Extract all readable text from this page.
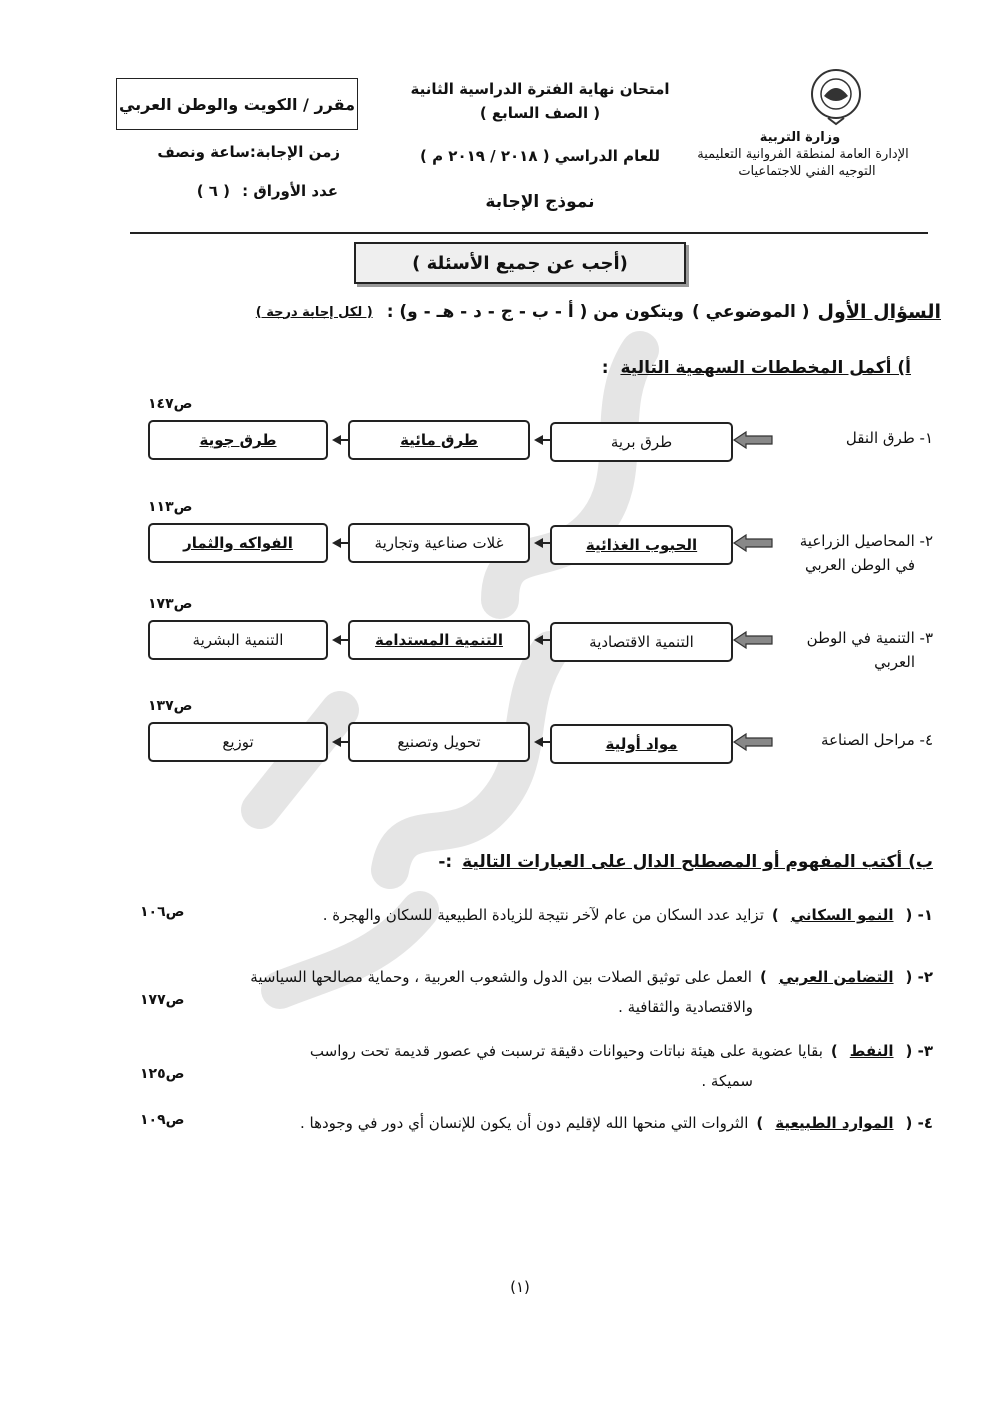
وزارة التربية
الإدارة العامة لمنطقة الفروانية التعليمية
التوجيه الفني للاجتماعيات
امتحان نهاية الفترة الدراسية الثانية
( الصف السابع )
للعام الدراسي ( ٢٠١٨ / ٢٠١٩ م )
نموذج الإجابة
مقرر / الكويت والوطن العربي
زمن الإجابة:ساعة ونصف
عدد الأوراق :
( ٦ )
(أجب عن جميع الأسئلة )
السؤال الأول
( الموضوعي )
ويتكون من ( أ - ب - ج - د - هـ - و) :
( لكل إجابة درجة )
أ) أكمل المخططات السهمية التالية :
١- طرق النقل
طرق برية
طرق مائية
طرق جوية
ص١٤٧
٢- المحاصيل الزراعية
في الوطن العربي
الحبوب الغذائية
غلات صناعية وتجارية
الفواكه والثمار
ص١١٣
٣- التنمية في الوطن
العربي
التنمية الاقتصادية
التنمية المستدامة
التنمية البشرية
ص١٧٣
٤- مراحل الصناعة
مواد أولية
تحويل وتصنيع
توزيع
ص١٣٧
ب) أكتب المفهوم أو المصطلح الدال على العبارات التالية :-
١- (النمو السكاني)تزايد عدد السكان من عام لآخر نتيجة للزيادة الطبيعية للسكان والهجرة .
ص١٠٦
٢- (التضامن العربي)العمل على توثيق الصلات بين الدول والشعوب العربية ، وحماية مصالحها السياسية
والاقتصادية والثقافية .
ص١٧٧
٣- (النفط)بقايا عضوية على هيئة نباتات وحيوانات دقيقة ترسبت في عصور قديمة تحت رواسب
سميكة .
ص١٢٥
٤- (الموارد الطبيعية)الثروات التي منحها الله لإقليم دون أن يكون للإنسان أي دور في وجودها .
ص١٠٩
(١)
